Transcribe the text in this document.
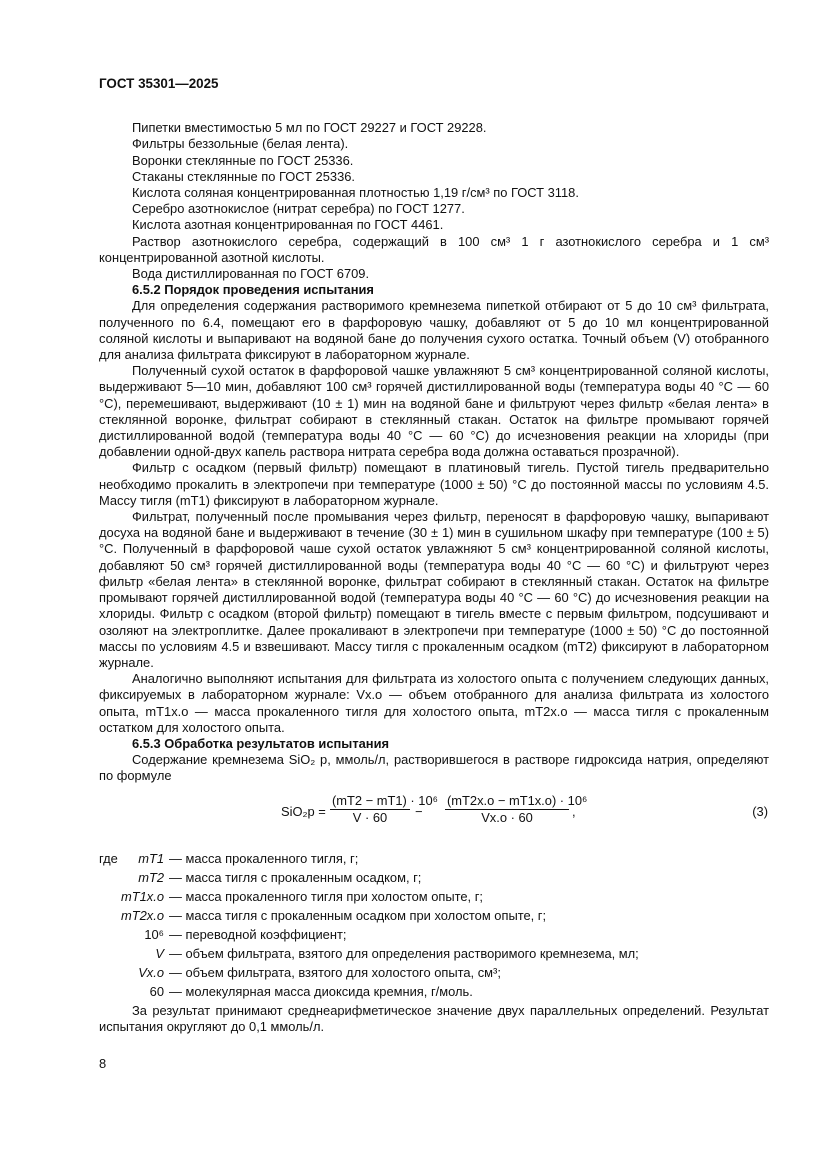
ГОСТ 35301—2025

Пипетки вместимостью 5 мл по ГОСТ 29227 и ГОСТ 29228.

Фильтры беззольные (белая лента).

Воронки стеклянные по ГОСТ 25336.

Стаканы стеклянные по ГОСТ 25336.

Кислота соляная концентрированная плотностью 1,19 г/см³ по ГОСТ 3118.

Серебро азотнокислое (нитрат серебра) по ГОСТ 1277.

Кислота азотная концентрированная по ГОСТ 4461.

Раствор азотнокислого серебра, содержащий в 100 см³ 1 г азотнокислого серебра и 1 см³ концентрированной азотной кислоты.

Вода дистиллированная по ГОСТ 6709.

6.5.2 Порядок проведения испытания

Для определения содержания растворимого кремнезема пипеткой отбирают от 5 до 10 см³ фильтрата, полученного по 6.4, помещают его в фарфоровую чашку, добавляют от 5 до 10 мл концентрированной соляной кислоты и выпаривают на водяной бане до получения сухого остатка. Точный объем (V) отобранного для анализа фильтрата фиксируют в лабораторном журнале.

Полученный сухой остаток в фарфоровой чашке увлажняют 5 см³ концентрированной соляной кислоты, выдерживают 5—10 мин, добавляют 100 см³ горячей дистиллированной воды (температура воды 40 °С — 60 °С), перемешивают, выдерживают (10 ± 1) мин на водяной бане и фильтруют через фильтр «белая лента» в стеклянной воронке, фильтрат собирают в стеклянный стакан. Остаток на фильтре промывают горячей дистиллированной водой (температура воды 40 °С — 60 °С) до исчезновения реакции на хлориды (при добавлении одной-двух капель раствора нитрата серебра вода должна оставаться прозрачной).

Фильтр с осадком (первый фильтр) помещают в платиновый тигель. Пустой тигель предварительно необходимо прокалить в электропечи при температуре (1000 ± 50) °С до постоянной массы по условиям 4.5. Массу тигля (mТ1) фиксируют в лабораторном журнале.

Фильтрат, полученный после промывания через фильтр, переносят в фарфоровую чашку, выпаривают досуха на водяной бане и выдерживают в течение (30 ± 1) мин в сушильном шкафу при температуре (100 ± 5) °С. Полученный в фарфоровой чаше сухой остаток увлажняют 5 см³ концентрированной соляной кислоты, добавляют 50 см³ горячей дистиллированной воды (температура воды 40 °С — 60 °С) и фильтруют через фильтр «белая лента» в стеклянной воронке, фильтрат собирают в стеклянный стакан. Остаток на фильтре промывают горячей дистиллированной водой (температура воды 40 °С — 60 °С) до исчезновения реакции на хлориды. Фильтр с осадком (второй фильтр) помещают в тигель вместе с первым фильтром, подсушивают и озоляют на электроплитке. Далее прокаливают в электропечи при температуре (1000 ± 50) °С до постоянной массы по условиям 4.5 и взвешивают. Массу тигля с прокаленным осадком (mТ2) фиксируют в лабораторном журнале.

Аналогично выполняют испытания для фильтрата из холостого опыта с получением следующих данных, фиксируемых в лабораторном журнале: Vх.о — объем отобранного для анализа фильтрата из холостого опыта, mТ1х.о — масса прокаленного тигля для холостого опыта, mТ2х.о — масса тигля с прокаленным остатком для холостого опыта.

6.5.3 Обработка результатов испытания

Содержание кремнезема SiO₂ р, ммоль/л, растворившегося в растворе гидроксида натрия, определяют по формуле

SiO₂р =
(mТ2 − mТ1) · 10⁶
V · 60	−
(mТ2х.о − mТ1х.о) · 10⁶
Vх.о · 60	,	(3)
где mТ1 — масса прокаленного тигля, г;
mТ2 — масса тигля с прокаленным осадком, г;
mТ1х.о — масса прокаленного тигля при холостом опыте, г;
mТ2х.о — масса тигля с прокаленным осадком при холостом опыте, г;
10⁶ — переводной коэффициент;
V — объем фильтрата, взятого для определения растворимого кремнезема, мл;
Vх.о — объем фильтрата, взятого для холостого опыта, см³;
60 — молекулярная масса диоксида кремния, г/моль.

За результат принимают среднеарифметическое значение двух параллельных определений. Результат испытания округляют до 0,1 ммоль/л.

8
